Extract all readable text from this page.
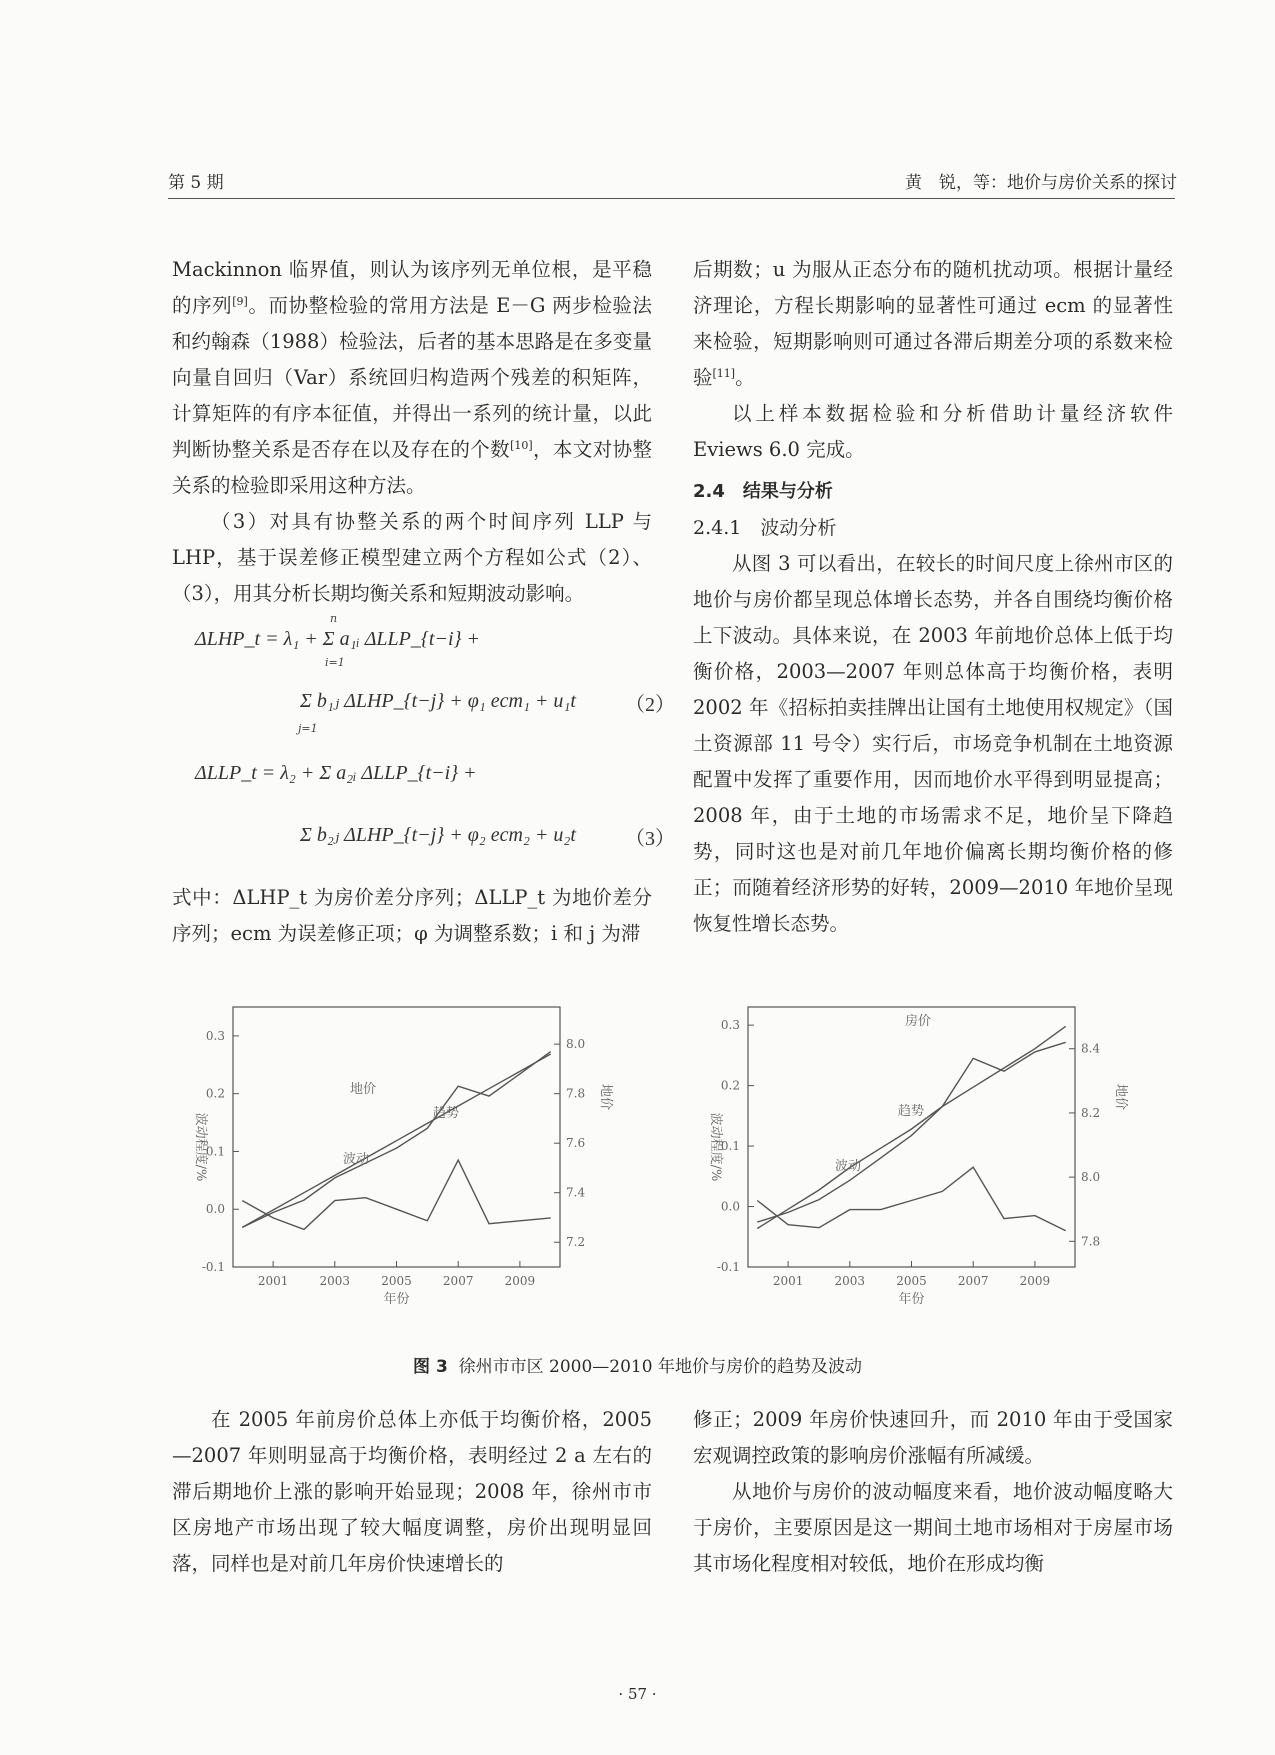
第 5 期	黄　锐，等：地价与房价关系的探讨

Mackinnon 临界值，则认为该序列无单位根，是平稳的序列[9]。而协整检验的常用方法是 E－G 两步检验法和约翰森（1988）检验法，后者的基本思路是在多变量向量自回归（Var）系统回归构造两个残差的积矩阵，计算矩阵的有序本征值，并得出一系列的统计量，以此判断协整关系是否存在以及存在的个数[10]，本文对协整关系的检验即采用这种方法。

（3）对具有协整关系的两个时间序列 LLP 与 LHP，基于误差修正模型建立两个方程如公式（2）、（3），用其分析长期均衡关系和短期波动影响。

ΔLHP_t = λ₁ + Σ a₁ᵢ ΔLLP_{t−i} +
Σ b₁ⱼ ΔLHP_{t−j} + φ₁ ecm₁ + u₁t （2）
ΔLLP_t = λ₂ + Σ a₂ᵢ ΔLLP_{t−i} +
Σ b₂ⱼ ΔLHP_{t−j} + φ₂ ecm₂ + u₂t （3）
n
i=1
j=1

式中：ΔLHP_t 为房价差分序列；ΔLLP_t 为地价差分序列；ecm 为误差修正项；φ 为调整系数；i 和 j 为滞

后期数；u 为服从正态分布的随机扰动项。根据计量经济理论，方程长期影响的显著性可通过 ecm 的显著性来检验，短期影响则可通过各滞后期差分项的系数来检验[11]。

以上样本数据检验和分析借助计量经济软件 Eviews 6.0 完成。

2.4　结果与分析

2.4.1　波动分析

从图 3 可以看出，在较长的时间尺度上徐州市区的地价与房价都呈现总体增长态势，并各自围绕均衡价格上下波动。具体来说，在 2003 年前地价总体上低于均衡价格，2003—2007 年则总体高于均衡价格，表明 2002 年《招标拍卖挂牌出让国有土地使用权规定》（国土资源部 11 号令）实行后，市场竞争机制在土地资源配置中发挥了重要作用，因而地价水平得到明显提高；2008 年，由于土地的市场需求不足，地价呈下降趋势，同时这也是对前几年地价偏离长期均衡价格的修正；而随着经济形势的好转，2009—2010 年地价呈现恢复性增长态势。

-0.1
0.0
0.1
0.2
0.3
7.2
7.4
7.6
7.8
8.0
2001	2003	2005	2007	2009
年份
波动程度/%
地价
地价
趋势
波动
-0.1
0.0
0.1
0.2
0.3
7.8
8.0
8.2
8.4
2001	2003	2005	2007	2009
年份
波动程度/%
地价
房价
趋势
波动
图 3 徐州市市区 2000—2010 年地价与房价的趋势及波动

在 2005 年前房价总体上亦低于均衡价格，2005—2007 年则明显高于均衡价格，表明经过 2 a 左右的滞后期地价上涨的影响开始显现；2008 年，徐州市市区房地产市场出现了较大幅度调整，房价出现明显回落，同样也是对前几年房价快速增长的

修正；2009 年房价快速回升，而 2010 年由于受国家宏观调控政策的影响房价涨幅有所减缓。

从地价与房价的波动幅度来看，地价波动幅度略大于房价，主要原因是这一期间土地市场相对于房屋市场其市场化程度相对较低，地价在形成均衡

· 57 ·
